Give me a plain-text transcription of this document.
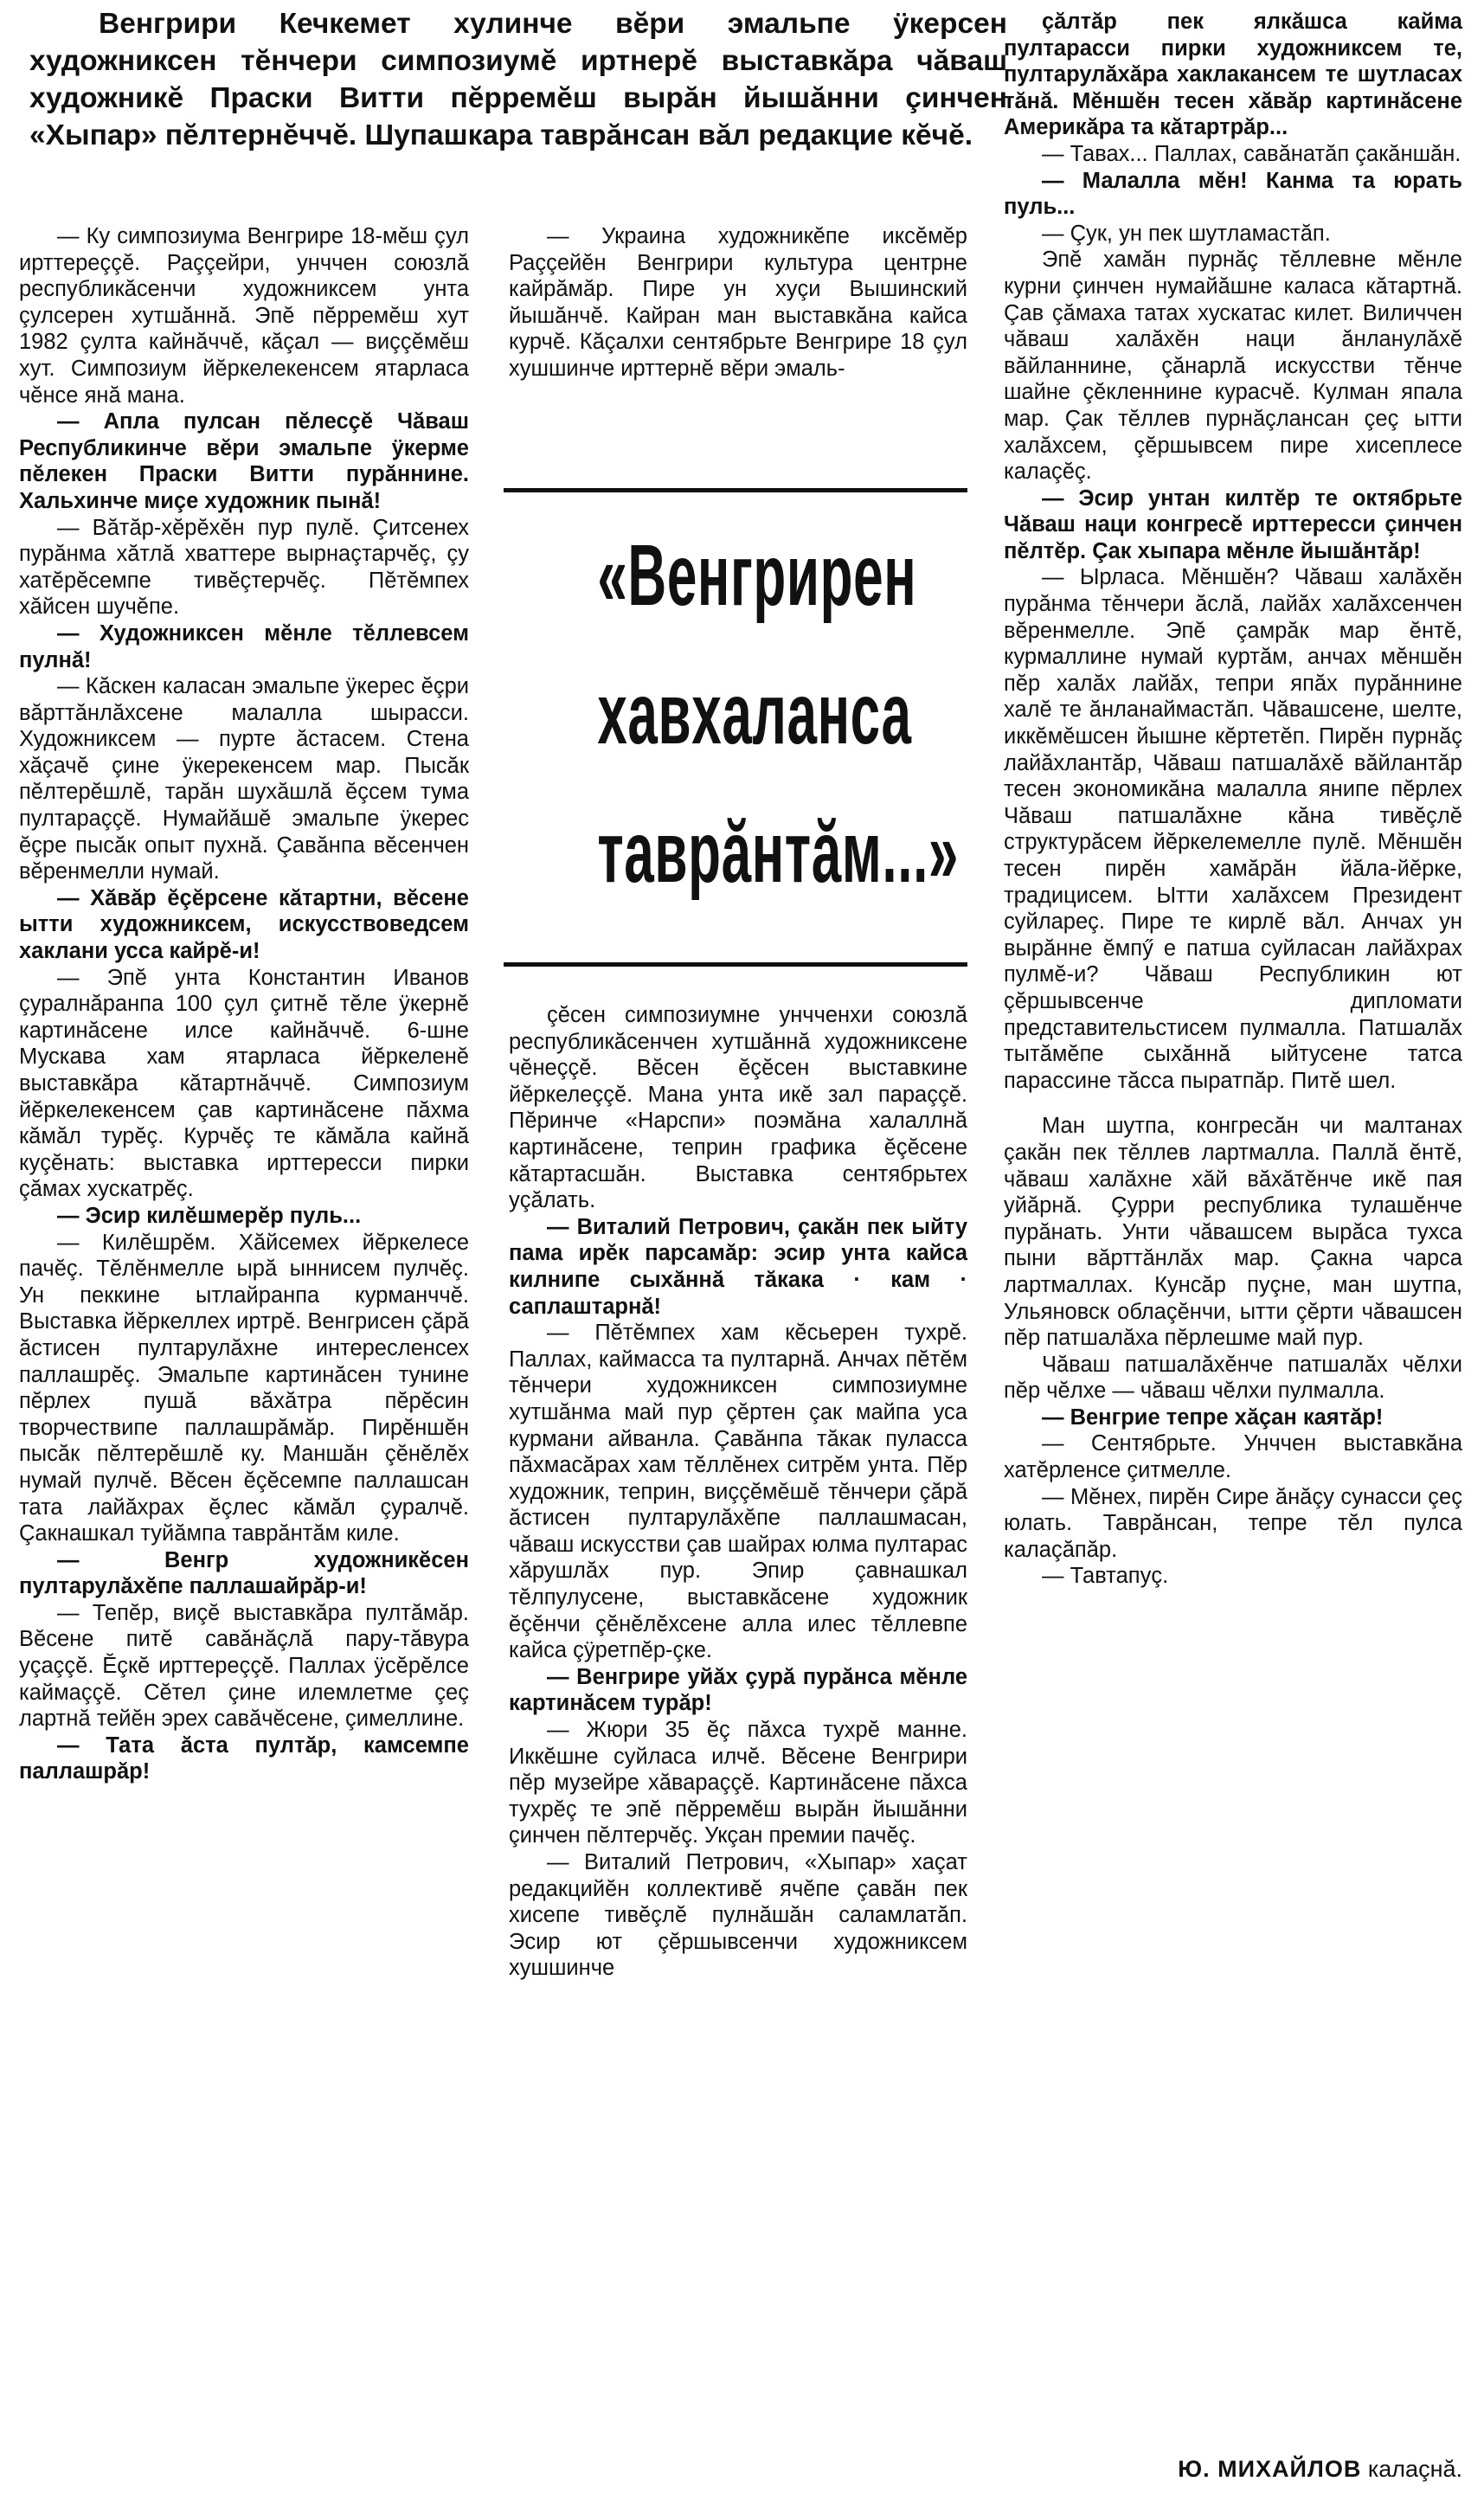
Венгрири Кечкемет хулинче вĕри эмальпе ÿкерсен художниксен тĕнчери симпозиумĕ иртнерĕ выставкăра чăваш художникĕ Праски Витти пĕрремĕш вырăн йышăнни çинчен «Хыпар» пĕлтернĕччĕ. Шупашкара таврăнсан вăл редакцие кĕчĕ.

«Венгрирен
хавхаланса
таврăнтăм...»

— Ку симпозиума Венгрире 18-мĕш çул ирттереççĕ. Раççейри, унччен союзлă республикăсенчи художниксем унта çулсерен хутшăннă. Эпĕ пĕрремĕш хут 1982 çулта кайнăччĕ, кăçал — виççĕмĕш хут. Симпозиум йĕркелекенсем ятарласа чĕнсе янă мана.

— Апла пулсан пĕлесçĕ Чăваш Республикинче вĕри эмальпе ÿкерме пĕлекен Праски Витти пурăннине. Хальхинче миçе художник пынă!

— Вăтăр-хĕрĕхĕн пур пулĕ. Çитсенех пурăнма хăтлă хваттере вырнаçтарчĕç, çу хатĕрĕсемпе тивĕçтерчĕç. Пĕтĕмпех хăйсен шучĕпе.

— Художниксен мĕнле тĕллевсем пулнă!

— Кăскен каласан эмальпе ÿкерес ĕçри вăрттăнлăхсене малалла шырасси. Художниксем — пурте ăстасем. Стена хăçачĕ çине ÿкерекенсем мар. Пысăк пĕлтерĕшлĕ, тарăн шухăшлă ĕçсем тума пултараççĕ. Нумайăшĕ эмальпе ÿкерес ĕçре пысăк опыт пухнă. Çавăнпа вĕсенчен вĕренмелли нумай.

— Хăвăр ĕçĕрсене кăтартни, вĕсене ытти художниксем, искусствоведсем хаклани усса кайрĕ-и!

— Эпĕ унта Константин Иванов çуралнăранпа 100 çул çитнĕ тĕле ÿкернĕ картинăсене илсе кайнăччĕ. 6-шне Мускава хам ятарласа йĕркеленĕ выставкăра кăтартнăччĕ. Симпозиум йĕркелекенсем çав картинăсене пăхма кăмăл турĕç. Курчĕç те кăмăла кайнă куçĕнать: выставка ирттересси пирки çăмах хускатрĕç.

— Эсир килĕшмерĕр пуль...

— Килĕшрĕм. Хăйсемех йĕркелесе пачĕç. Тĕлĕнмелле ырă ыннисем пулчĕç. Ун пеккине ытлайранпа курманччĕ. Выставка йĕркеллех иртрĕ. Венгрисен çăрă ăстисен пултарулăхне интересленсех паллашрĕç. Эмальпе картинăсен тунине пĕрлех пушă вăхăтра пĕрĕсин творчествипе паллашрăмăр. Пирĕншĕн пысăк пĕлтерĕшлĕ ку. Маншăн çĕнĕлĕх нумай пулчĕ. Вĕсен ĕçĕсемпе паллашсан тата лайăхрах ĕçлес кăмăл çуралчĕ. Çакнашкал туйăмпа таврăнтăм киле.

— Венгр художникĕсен пултарулăхĕпе паллашайрăр-и!

— Тепĕр, виçĕ выставкăра пултăмăр. Вĕсене питĕ савăнăçлă пару-тăвура уçаççĕ. Ĕçкĕ ирттереççĕ. Паллах ÿсĕрĕлсе каймаççĕ. Сĕтел çине илемлетме çеç лартнă тейĕн эрех савăчĕсене, çимеллине.

— Тата ăста пултăр, камсемпе паллашрăр!

— Украина художникĕпе иксĕмĕр Раççейĕн Венгрири культура центрне кайрăмăр. Пире ун хуçи Вышинский йышăнчĕ. Кайран ман выставкăна кайса курчĕ. Кăçалхи сентябрьте Венгрире 18 çул хушшинче ирттернĕ вĕри эмаль-

çĕсен симпозиумне унчченхи союзлă республикăсенчен хутшăннă художниксене чĕнеççĕ. Вĕсен ĕçĕсен выставкине йĕркелеççĕ. Мана унта икĕ зал параççĕ. Пĕринче «Нарспи» поэмăна халаллнă картинăсене, теприн графика ĕçĕсене кăтартасшăн. Выставка сентябрьтех уçăлать.

— Виталий Петрович, çакăн пек ыйту пама ирĕк парсамăр: эсир унта кайса килнипе сыхăннă тăкака · кам · саплаштарнă!

— Пĕтĕмпех хам кĕсьерен тухрĕ. Паллах, каймасса та пултарнă. Анчах пĕтĕм тĕнчери художниксен симпозиумне хутшăнма май пур çĕртен çак майпа уса курмани айванла. Çавăнпа тăкак пуласса пăхмасăрах хам тĕллĕнех ситрĕм унта. Пĕр художник, теприн, виççĕмĕшĕ тĕнчери çăрă ăстисен пултарулăхĕпе паллашмасан, чăваш искусстви çав шайрах юлма пултарас хăрушлăх пур. Эпир çавнашкал тĕлпулусене, выставкăсене художник ĕçĕнчи çĕнĕлĕхсене алла илес тĕллевпе кайса çÿретпĕр-çке.

— Венгрире уйăх çурă пурăнса мĕнле картинăсем турăр!

— Жюри 35 ĕç пăхса тухрĕ манне. Иккĕшне суйласа илчĕ. Вĕсене Венгрири пĕр музейре хăвараççĕ. Картинăсене пăхса тухрĕç те эпĕ пĕрремĕш вырăн йышăнни çинчен пĕлтерчĕç. Укçан премии пачĕç.

— Виталий Петрович, «Хыпар» хаçат редакцийĕн коллективĕ ячĕпе çавăн пек хисепе тивĕçлĕ пулнăшăн саламлатăп. Эсир ют çĕршывсенчи художниксем хушшинче

çăлтăр пек ялкăшса кайма пултарасси пирки художниксем те, пултарулăхăра хаклакансем те шутласах тăнă. Мĕншĕн тесен хăвăр картинăсене Америкăра та кăтартрăр...

— Тавах... Паллах, савăнатăп çакăншăн.

— Малалла мĕн! Канма та юрать пуль...

— Çук, ун пек шутламастăп.

Эпĕ хамăн пурнăç тĕллевне мĕнле курни çинчен нумайăшне каласа кăтартнă. Çав çăмаха татах хускатас килет. Виличчен чăваш халăхĕн наци ăнланулăхĕ вăйланнине, çăнарлă искусстви тĕнче шайне çĕкленнине курасчĕ. Кулман япала мар. Çак тĕллев пурнăçлансан çеç ытти халăхсем, çĕршывсем пире хисеплесе калаçĕç.

— Эсир унтан килтĕр те октябрьте Чăваш наци конгресĕ ирттересси çинчен пĕлтĕр. Çак хыпара мĕнле йышăнтăр!

— Ырласа. Мĕншĕн? Чăваш халăхĕн пурăнма тĕнчери ăслă, лайăх халăхсенчен вĕренмелле. Эпĕ çамрăк мар ĕнтĕ, курмаллине нумай куртăм, анчах мĕншĕн пĕр халăх лайăх, тепри япăх пурăннине халĕ те ăнланаймастăп. Чăвашсене, шелте, иккĕмĕшсен йышне кĕртетĕп. Пирĕн пурнăç лайăхлантăр, Чăваш патшалăхĕ вăйлантăр тесен экономикăна малалла янипе пĕрлех Чăваш патшалăхне кăна тивĕçлĕ структурăсем йĕркелемелле пулĕ. Мĕншĕн тесен пирĕн хамăрăн йăла-йĕрке, традицисем. Ытти халăхсем Президент суйлареç. Пире те кирлĕ вăл. Анчах ун вырăнне ĕмпӳ е патша суйласан лайăхрах пулмĕ-и? Чăваш Республикин ют çĕршывсенче дипломати представительстисем пулмалла. Патшалăх тытăмĕпе сыхăннă ыйтусене татса парассине тăсса пыратпăр. Питĕ шел.

Ман шутпа, конгресăн чи малтанах çакăн пек тĕллев лартмалла. Паллă ĕнтĕ, чăваш халăхне хăй вăхăтĕнче икĕ пая уйăрнă. Çурри республика тулашĕнче пурăнать. Унти чăвашсем вырăса тухса пыни вăрттăнлăх мар. Çакна чарса лартмаллах. Кунсăр пуçне, ман шутпа, Ульяновск облаçĕнчи, ытти çĕрти чăвашсен пĕр патшалăха пĕрлешме май пур.

Чăваш патшалăхĕнче патшалăх чĕлхи пĕр чĕлхе — чăваш чĕлхи пулмалла.

— Венгрие тепре хăçан каятăр!

— Сентябрьте. Унччен выставкăна хатĕрленсе çитмелле.

— Мĕнех, пирĕн Сире ăнăçу сунасси çеç юлать. Таврăнсан, тепре тĕл пулса калаçăпăр.

— Тавтапуç.

Ю. МИХАЙЛОВ калаçнă.
